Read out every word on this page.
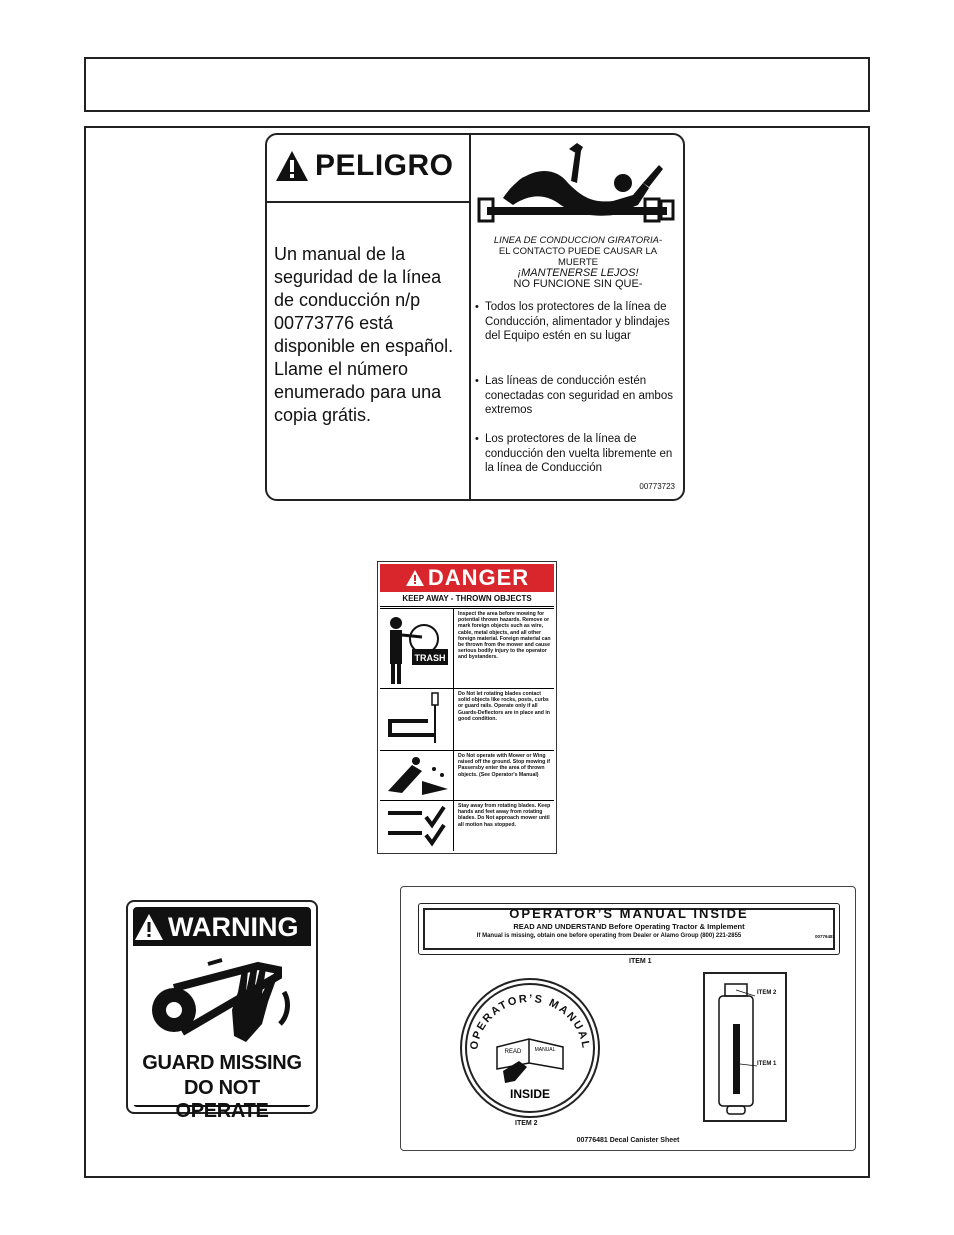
PELIGRO
Un manual de la seguridad de la línea de conducción n/p 00773776 está disponible en español. Llame el número enumerado para una copia grátis.
LINEA DE CONDUCCION GIRATORIA-
EL CONTACTO PUEDE CAUSAR LA MUERTE
¡MANTENERSE LEJOS!
NO FUNCIONE SIN QUE-
• Todos los protectores de la línea de Conducción, alimentador y blindajes del Equipo estén en su lugar
• Las líneas de conducción estén conectadas con seguridad en ambos extremos
• Los protectores de la línea de conducción den vuelta libremente en la línea de Conducción
00773723
DANGER
KEEP AWAY - THROWN OBJECTS
TRASH
Inspect the area before mowing for potential thrown hazards. Remove or mark foreign objects such as wire, cable, metal objects, and all other foreign material. Foreign material can be thrown from the mower and cause serious bodily injury to the operator and bystanders.
Do Not let rotating blades contact solid objects like rocks, posts, curbs or guard rails. Operate only if all Guards-Deflectors are in place and in good condition.
Do Not operate with Mower or Wing raised off the ground. Stop mowing if Passersby enter the area of thrown objects. (See Operator's Manual)
Stay away from rotating blades. Keep hands and feet away from rotating blades. Do Not approach mower until all motion has stopped.
WARNING
GUARD MISSING
DO NOT OPERATE
OPERATOR’S MANUAL INSIDE
READ AND UNDERSTAND Before Operating Tractor & Implement
If Manual is missing, obtain one before operating from Dealer or Alamo Group (800) 221-2855	00776481
ITEM 1
OPERATOR’S MANUAL
READ	MANUAL
INSIDE
ITEM 2
ITEM 2
ITEM 1
00776481 Decal Canister Sheet
